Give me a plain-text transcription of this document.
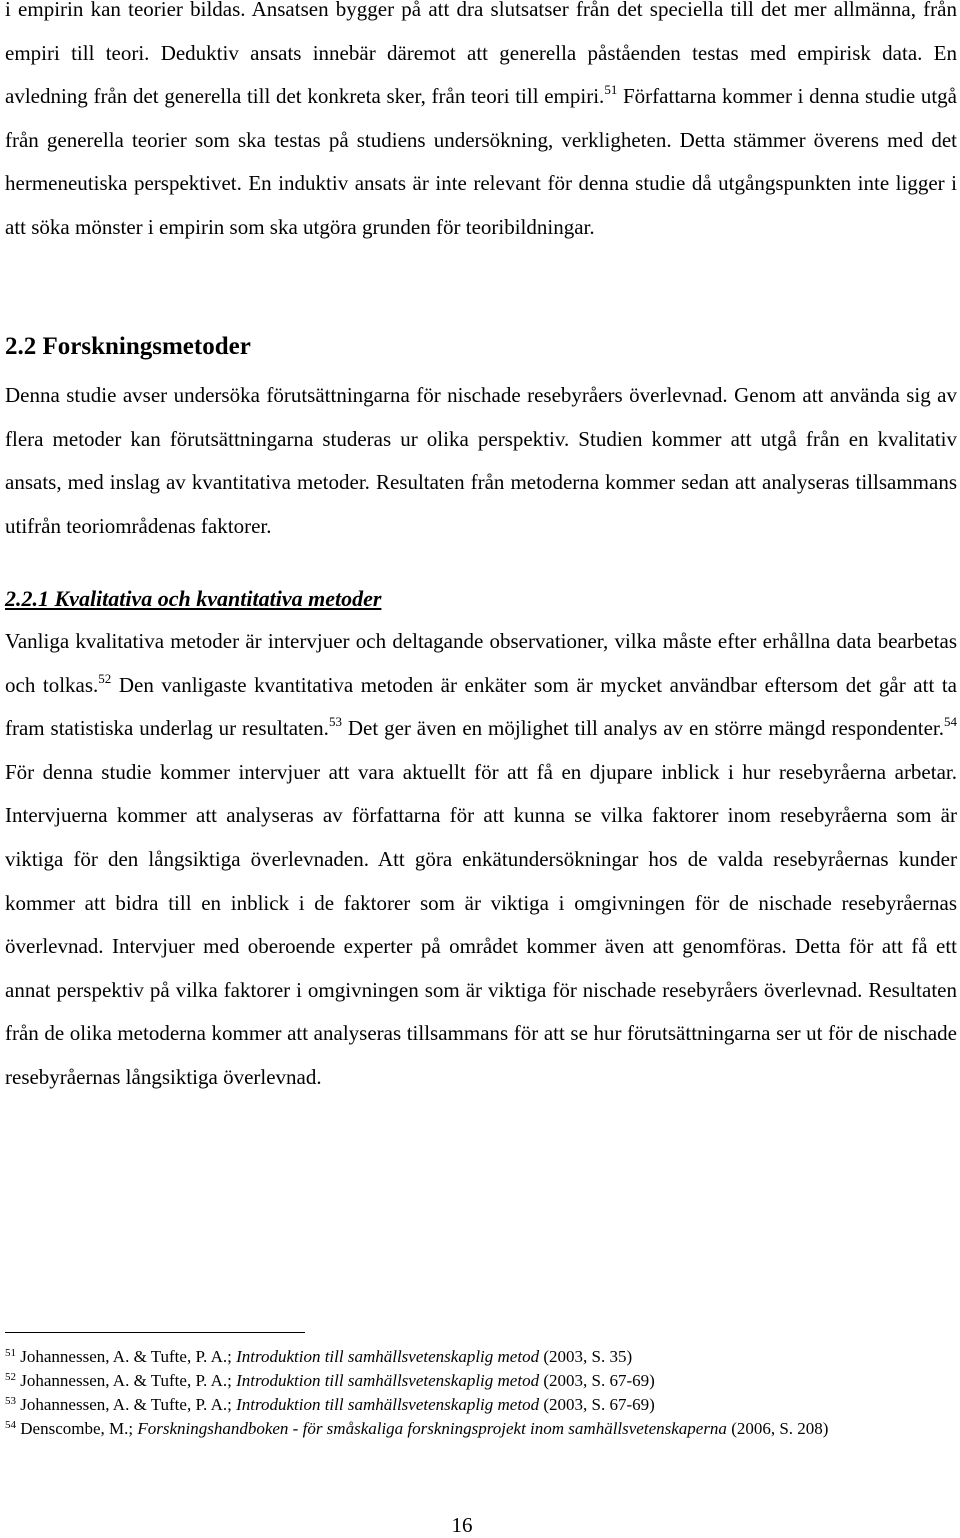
i empirin kan teorier bildas. Ansatsen bygger på att dra slutsatser från det speciella till det mer allmänna, från empiri till teori. Deduktiv ansats innebär däremot att generella påståenden testas med empirisk data. En avledning från det generella till det konkreta sker, från teori till empiri.$^{51}$ Författarna kommer i denna studie utgå från generella teorier som ska testas på studiens undersökning, verkligheten. Detta stämmer överens med det hermeneutiska perspektivet. En induktiv ansats är inte relevant för denna studie då utgångspunkten inte ligger i att söka mönster i empirin som ska utgöra grunden för teoribildningar.

2.2 Forskningsmetoder

Denna studie avser undersöka förutsättningarna för nischade resebyråers överlevnad. Genom att använda sig av flera metoder kan förutsättningarna studeras ur olika perspektiv. Studien kommer att utgå från en kvalitativ ansats, med inslag av kvantitativa metoder. Resultaten från metoderna kommer sedan att analyseras tillsammans utifrån teoriområdenas faktorer.

2.2.1 Kvalitativa och kvantitativa metoder

Vanliga kvalitativa metoder är intervjuer och deltagande observationer, vilka måste efter erhållna data bearbetas och tolkas.$^{52}$ Den vanligaste kvantitativa metoden är enkäter som är mycket användbar eftersom det går att ta fram statistiska underlag ur resultaten.$^{53}$ Det ger även en möjlighet till analys av en större mängd respondenter.$^{54}$ För denna studie kommer intervjuer att vara aktuellt för att få en djupare inblick i hur resebyråerna arbetar. Intervjuerna kommer att analyseras av författarna för att kunna se vilka faktorer inom resebyråerna som är viktiga för den långsiktiga överlevnaden. Att göra enkätundersökningar hos de valda resebyråernas kunder kommer att bidra till en inblick i de faktorer som är viktiga i omgivningen för de nischade resebyråernas överlevnad. Intervjuer med oberoende experter på området kommer även att genomföras. Detta för att få ett annat perspektiv på vilka faktorer i omgivningen som är viktiga för nischade resebyråers överlevnad. Resultaten från de olika metoderna kommer att analyseras tillsammans för att se hur förutsättningarna ser ut för de nischade resebyråernas långsiktiga överlevnad.

$^{51}$ Johannessen, A. & Tufte, P. A.; Introduktion till samhällsvetenskaplig metod (2003, S. 35)

$^{52}$ Johannessen, A. & Tufte, P. A.; Introduktion till samhällsvetenskaplig metod (2003, S. 67-69)

$^{53}$ Johannessen, A. & Tufte, P. A.; Introduktion till samhällsvetenskaplig metod (2003, S. 67-69)

$^{54}$ Denscombe, M.; Forskningshandboken - för småskaliga forskningsprojekt inom samhällsvetenskaperna (2006, S. 208)

16
